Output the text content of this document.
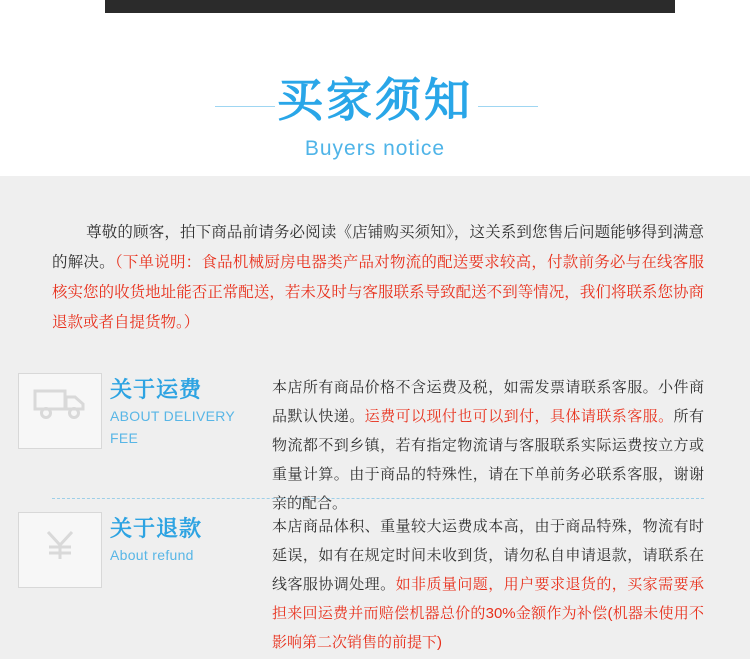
买家须知
Buyers notice
尊敬的顾客，拍下商品前请务必阅读《店铺购买须知》，这关系到您售后问题能够得到满意的解决。（下单说明：食品机械厨房电器类产品对物流的配送要求较高，付款前务必与在线客服核实您的收货地址能否正常配送，若未及时与客服联系导致配送不到等情况，我们将联系您协商退款或者自提货物。）
关于运费
ABOUT DELIVERY FEE
本店所有商品价格不含运费及税，如需发票请联系客服。小件商品默认快递。运费可以现付也可以到付，具体请联系客服。所有物流都不到乡镇，若有指定物流请与客服联系实际运费按立方或重量计算。由于商品的特殊性，请在下单前务必联系客服，谢谢亲的配合。
关于退款
About refund
本店商品体积、重量较大运费成本高，由于商品特殊，物流有时延误，如有在规定时间未收到货，请勿私自申请退款，请联系在线客服协调处理。如非质量问题，用户要求退货的，买家需要承担来回运费并而赔偿机器总价的30%金额作为补偿(机器未使用不影响第二次销售的前提下)
